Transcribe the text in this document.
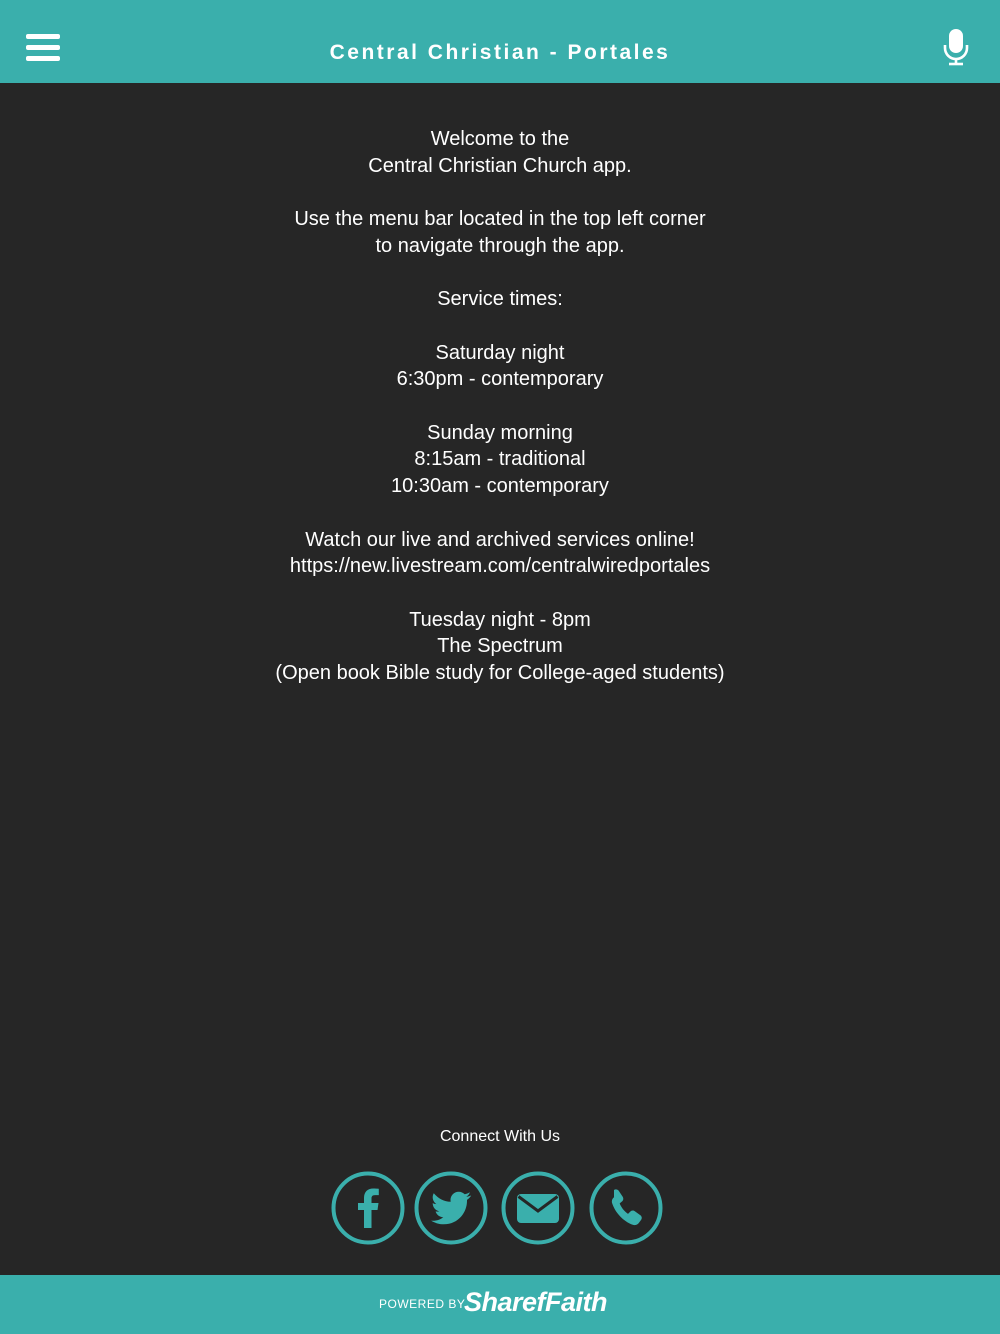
Central Christian - Portales

Welcome to the

Central Christian Church app.

Use the menu bar located in the top left corner

to navigate through the app.

Service times:

Saturday night

6:30pm - contemporary

Sunday morning

8:15am - traditional

10:30am - contemporary

Watch our live and archived services online!

https://new.livestream.com/centralwiredportales

Tuesday night - 8pm

The Spectrum

(Open book Bible study for College-aged students)

Connect With Us
POWERED BY
SharefFaith
